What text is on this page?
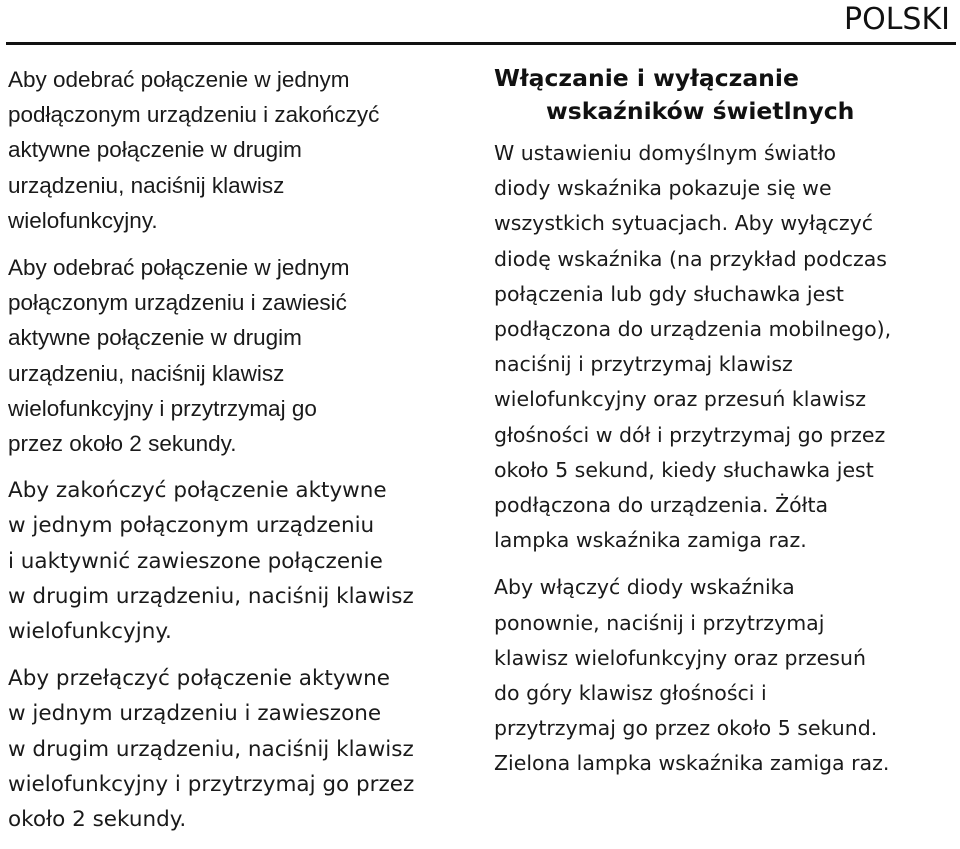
POLSKI

Aby odebrać połączenie w jednym
podłączonym urządzeniu i zakończyć
aktywne połączenie w drugim
urządzeniu, naciśnij klawisz
wielofunkcyjny.

Aby odebrać połączenie w jednym
połączonym urządzeniu i zawiesić
aktywne połączenie w drugim
urządzeniu, naciśnij klawisz
wielofunkcyjny i przytrzymaj go
przez około 2 sekundy.

Aby zakończyć połączenie aktywne
w jednym połączonym urządzeniu
i uaktywnić zawieszone połączenie
w drugim urządzeniu, naciśnij klawisz
wielofunkcyjny.

Aby przełączyć połączenie aktywne
w jednym urządzeniu i zawieszone
w drugim urządzeniu, naciśnij klawisz
wielofunkcyjny i przytrzymaj go przez
około 2 sekundy.

Włączanie i wyłączanie
wskaźników świetlnych

W ustawieniu domyślnym światło
diody wskaźnika pokazuje się we
wszystkich sytuacjach. Aby wyłączyć
diodę wskaźnika (na przykład podczas
połączenia lub gdy słuchawka jest
podłączona do urządzenia mobilnego),
naciśnij i przytrzymaj klawisz
wielofunkcyjny oraz przesuń klawisz
głośności w dół i przytrzymaj go przez
około 5 sekund, kiedy słuchawka jest
podłączona do urządzenia. Żółta
lampka wskaźnika zamiga raz.

Aby włączyć diody wskaźnika
ponownie, naciśnij i przytrzymaj
klawisz wielofunkcyjny oraz przesuń
do góry klawisz głośności i
przytrzymaj go przez około 5 sekund.
Zielona lampka wskaźnika zamiga raz.
